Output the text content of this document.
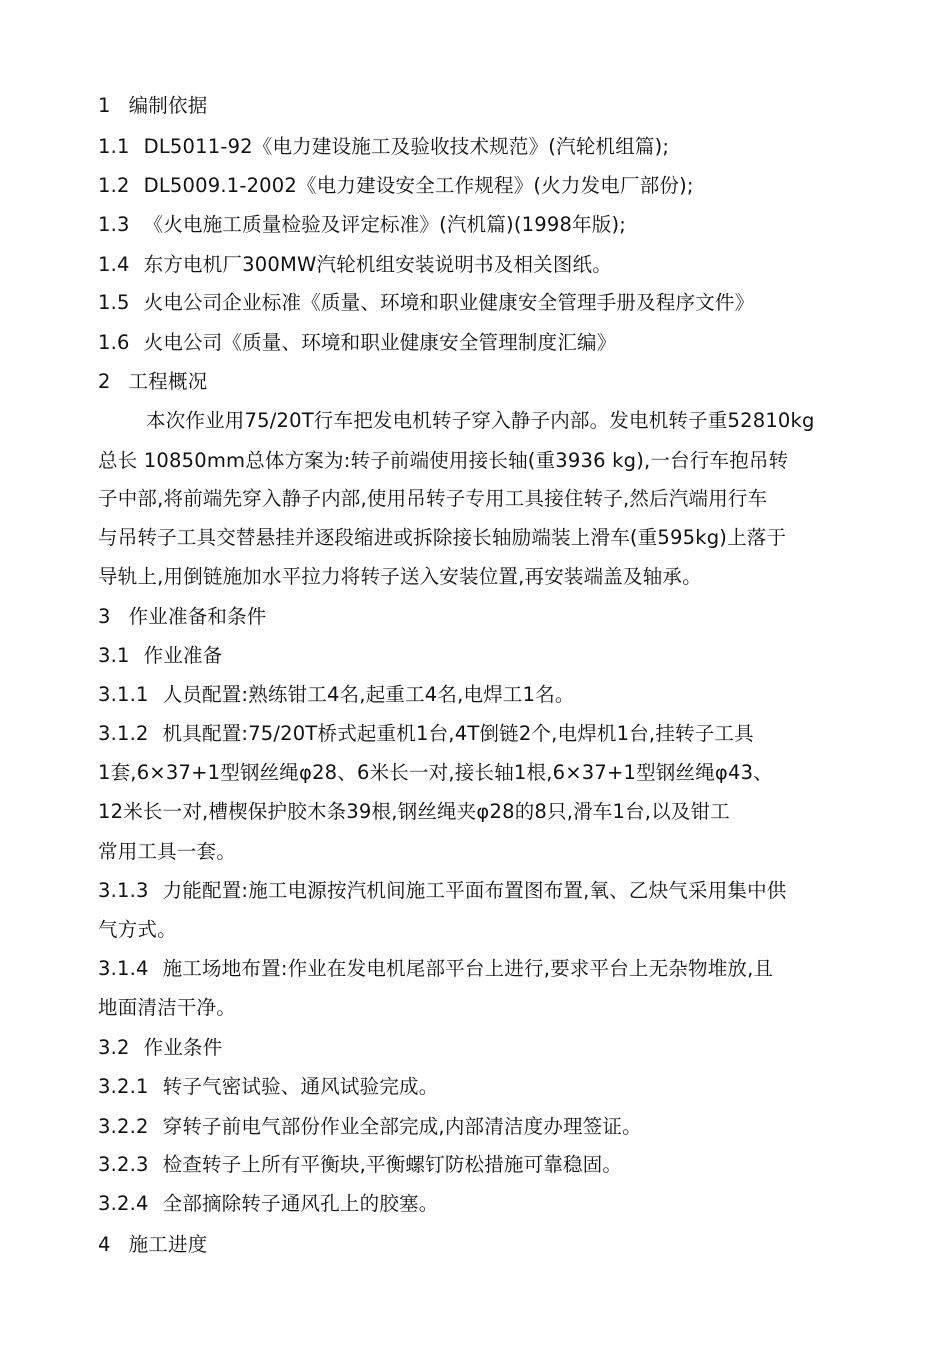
1 编制依据
1.1 DL5011-92《电力建设施工及验收技术规范》(汽轮机组篇);
1.2 DL5009.1-2002《电力建设安全工作规程》(火力发电厂部份);
1.3 《火电施工质量检验及评定标准》(汽机篇)(1998年版);
1.4 东方电机厂300MW汽轮机组安装说明书及相关图纸。
1.5 火电公司企业标准《质量、环境和职业健康安全管理手册及程序文件》
1.6 火电公司《质量、环境和职业健康安全管理制度汇编》
2 工程概况
本次作业用75/20T行车把发电机转子穿入静子内部。发电机转子重52810kg
总长 10850mm总体方案为:转子前端使用接长轴(重3936 kg),一台行车抱吊转
子中部,将前端先穿入静子内部,使用吊转子专用工具接住转子,然后汽端用行车
与吊转子工具交替悬挂并逐段缩进或拆除接长轴励端装上滑车(重595kg)上落于
导轨上,用倒链施加水平拉力将转子送入安装位置,再安装端盖及轴承。
3 作业准备和条件
3.1 作业准备
3.1.1 人员配置:熟练钳工4名,起重工4名,电焊工1名。
3.1.2 机具配置:75/20T桥式起重机1台,4T倒链2个,电焊机1台,挂转子工具
1套,6×37+1型钢丝绳φ28、6米长一对,接长轴1根,6×37+1型钢丝绳φ43、
12米长一对,槽楔保护胶木条39根,钢丝绳夹φ28的8只,滑车1台,以及钳工
常用工具一套。
3.1.3 力能配置:施工电源按汽机间施工平面布置图布置,氧、乙炔气采用集中供
气方式。
3.1.4 施工场地布置:作业在发电机尾部平台上进行,要求平台上无杂物堆放,且
地面清洁干净。
3.2 作业条件
3.2.1 转子气密试验、通风试验完成。
3.2.2 穿转子前电气部份作业全部完成,内部清洁度办理签证。
3.2.3 检查转子上所有平衡块,平衡螺钉防松措施可靠稳固。
3.2.4 全部摘除转子通风孔上的胶塞。
4 施工进度
